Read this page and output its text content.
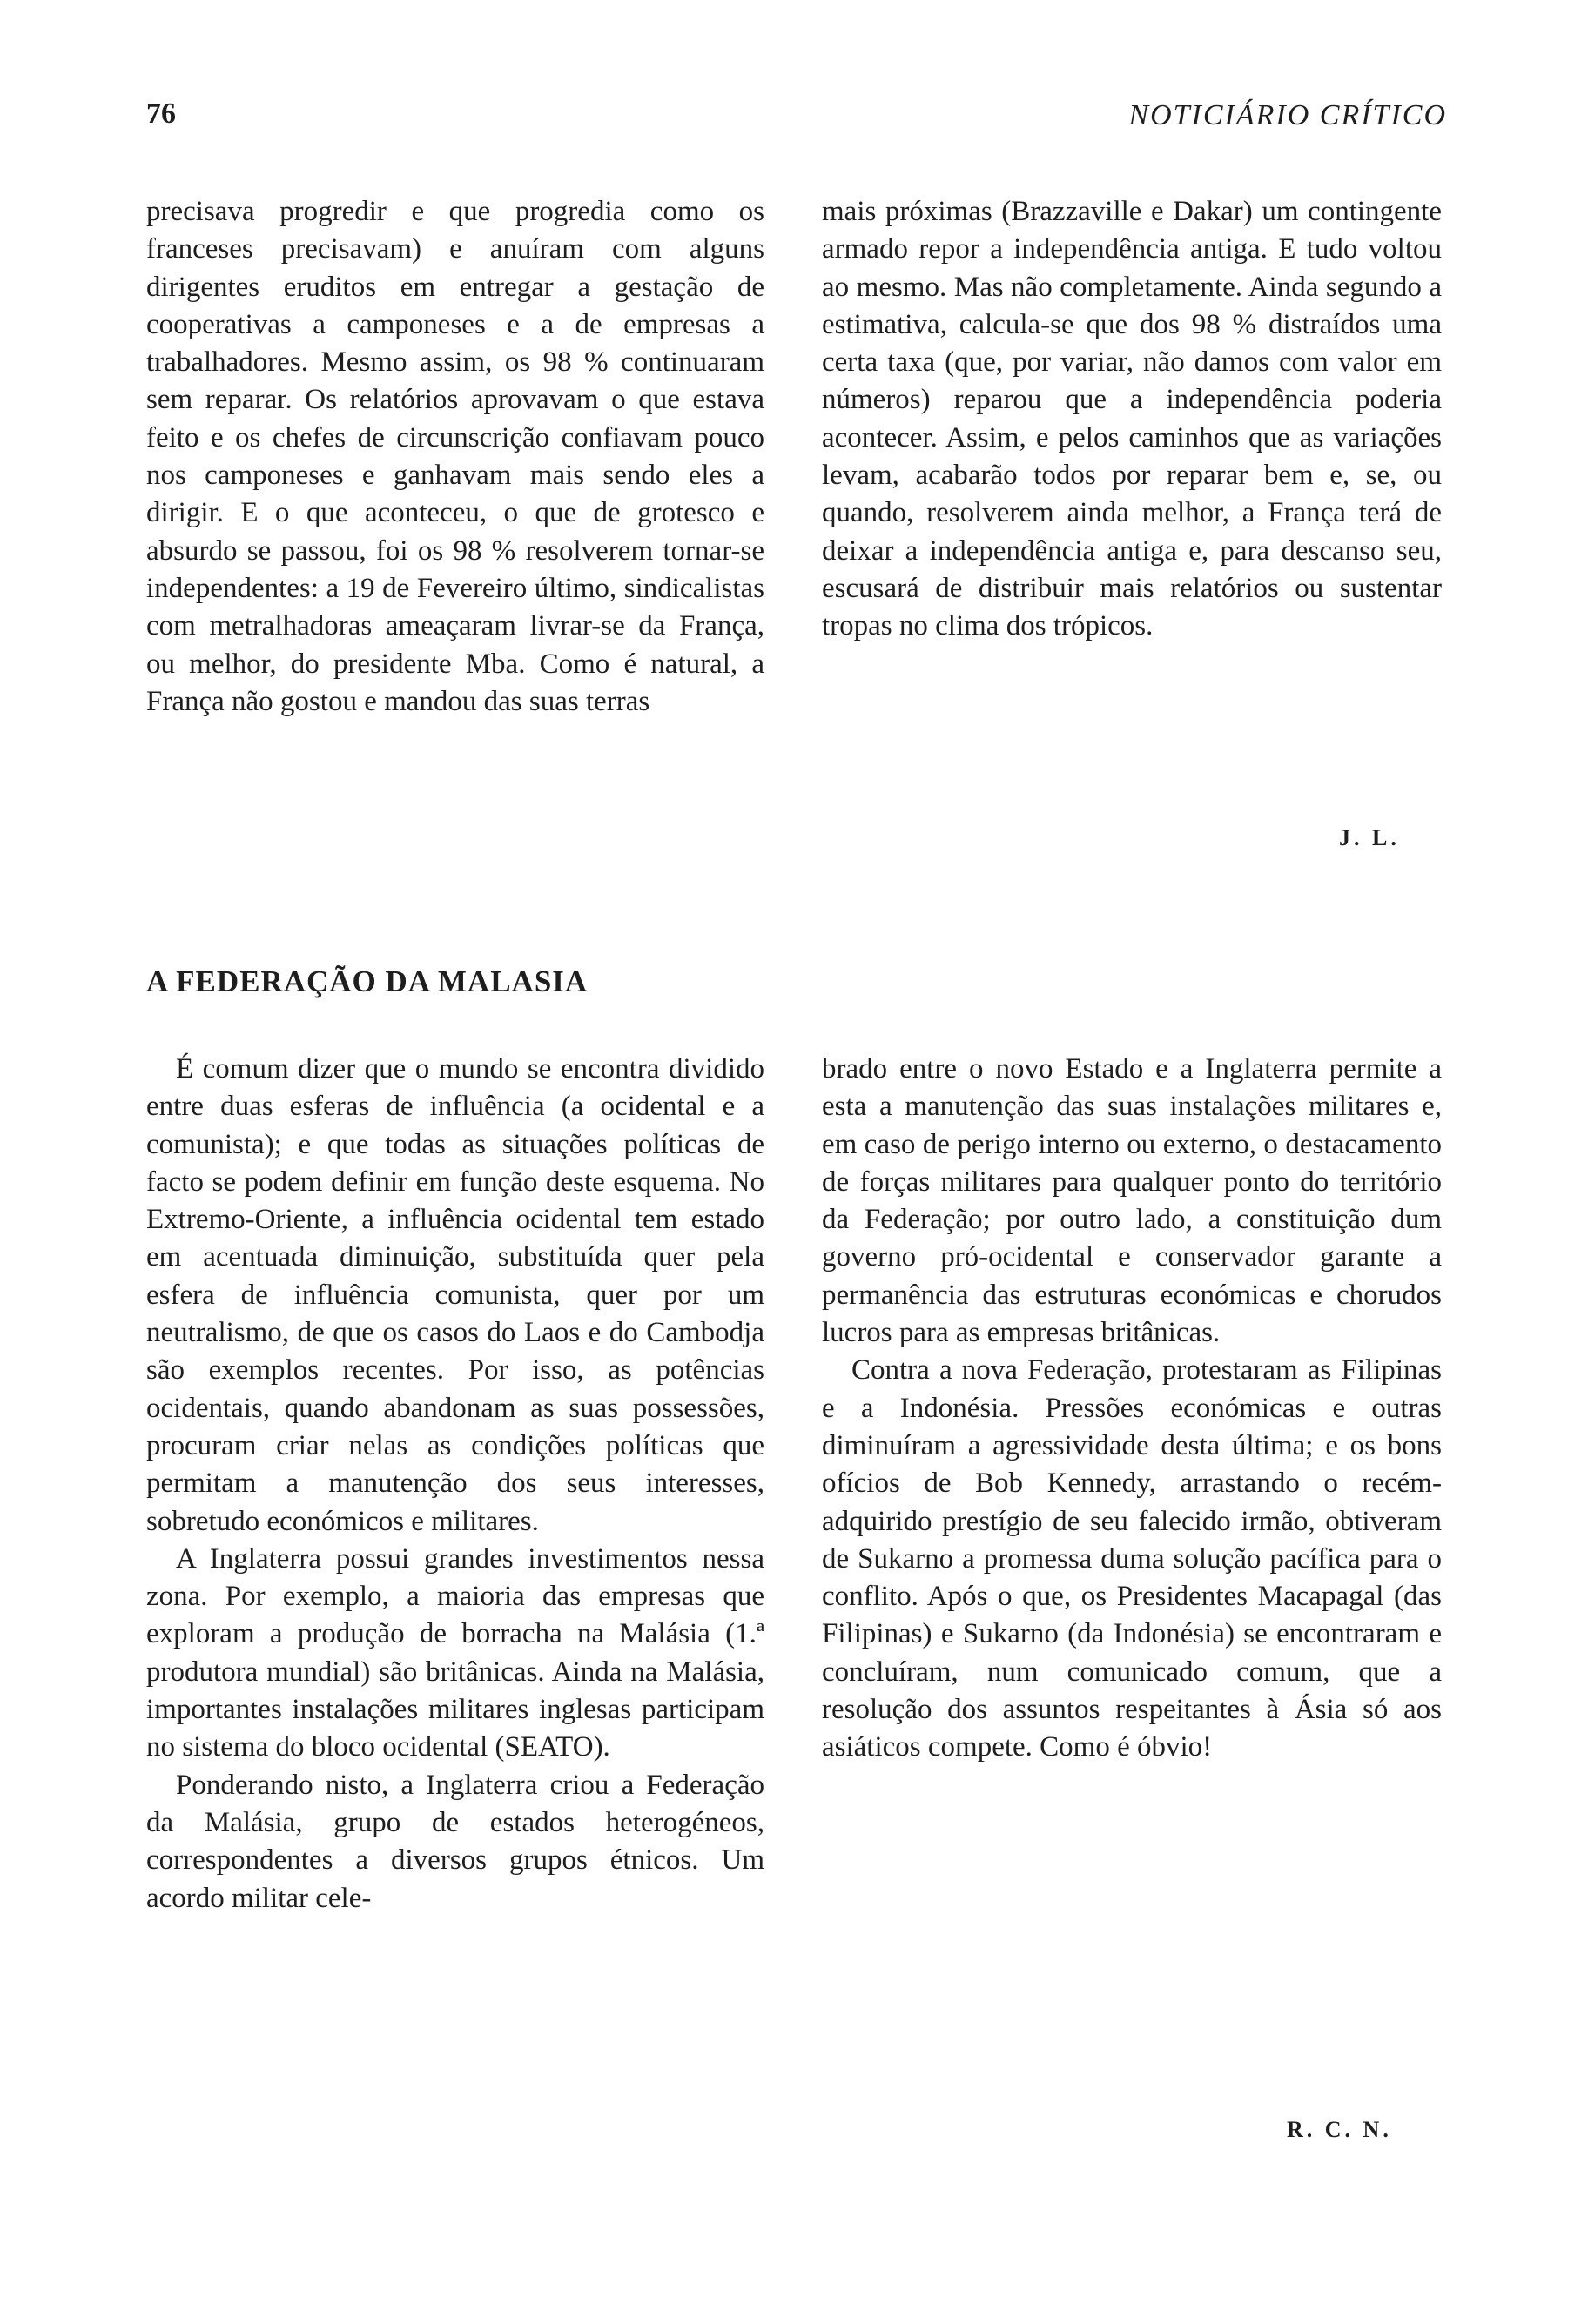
76	NOTICIÁRIO CRÍTICO

precisava progredir e que progredia como os franceses precisavam) e anuíram com alguns dirigentes eruditos em entregar a gestação de cooperativas a camponeses e a de empresas a trabalhadores. Mesmo assim, os 98 % continuaram sem reparar. Os relatórios aprovavam o que estava feito e os chefes de circunscrição confiavam pouco nos camponeses e ganhavam mais sendo eles a dirigir. E o que aconteceu, o que de grotesco e absurdo se passou, foi os 98 % resolverem tornar-se independentes: a 19 de Fevereiro último, sindicalistas com metralhadoras ameaçaram livrar-se da França, ou melhor, do presidente Mba. Como é natural, a França não gostou e mandou das suas terras

mais próximas (Brazzaville e Dakar) um contingente armado repor a independência antiga. E tudo voltou ao mesmo. Mas não completamente. Ainda segundo a estimativa, calcula-se que dos 98 % distraídos uma certa taxa (que, por variar, não damos com valor em números) reparou que a independência poderia acontecer. Assim, e pelos caminhos que as variações levam, acabarão todos por reparar bem e, se, ou quando, resolverem ainda melhor, a França terá de deixar a independência antiga e, para descanso seu, escusará de distribuir mais relatórios ou sustentar tropas no clima dos trópicos.

J. L.
A FEDERAÇÃO DA MALASIA

É comum dizer que o mundo se encontra dividido entre duas esferas de influência (a ocidental e a comunista); e que todas as situações políticas de facto se podem definir em função deste esquema. No Extremo-Oriente, a influência ocidental tem estado em acentuada diminuição, substituída quer pela esfera de influência comunista, quer por um neutralismo, de que os casos do Laos e do Cambodja são exemplos recentes. Por isso, as potências ocidentais, quando abandonam as suas possessões, procuram criar nelas as condições políticas que permitam a manutenção dos seus interesses, sobretudo económicos e militares.

A Inglaterra possui grandes investimentos nessa zona. Por exemplo, a maioria das empresas que exploram a produção de borracha na Malásia (1.ª produtora mundial) são britânicas. Ainda na Malásia, importantes instalações militares inglesas participam no sistema do bloco ocidental (SEATO).

Ponderando nisto, a Inglaterra criou a Federação da Malásia, grupo de estados heterogéneos, correspondentes a diversos grupos étnicos. Um acordo militar cele-

brado entre o novo Estado e a Inglaterra permite a esta a manutenção das suas instalações militares e, em caso de perigo interno ou externo, o destacamento de forças militares para qualquer ponto do território da Federação; por outro lado, a constituição dum governo pró-ocidental e conservador garante a permanência das estruturas económicas e chorudos lucros para as empresas britânicas.

Contra a nova Federação, protestaram as Filipinas e a Indonésia. Pressões económicas e outras diminuíram a agressividade desta última; e os bons ofícios de Bob Kennedy, arrastando o recém-adquirido prestígio de seu falecido irmão, obtiveram de Sukarno a promessa duma solução pacífica para o conflito. Após o que, os Presidentes Macapagal (das Filipinas) e Sukarno (da Indonésia) se encontraram e concluíram, num comunicado comum, que a resolução dos assuntos respeitantes à Ásia só aos asiáticos compete. Como é óbvio!

R. C. N.
